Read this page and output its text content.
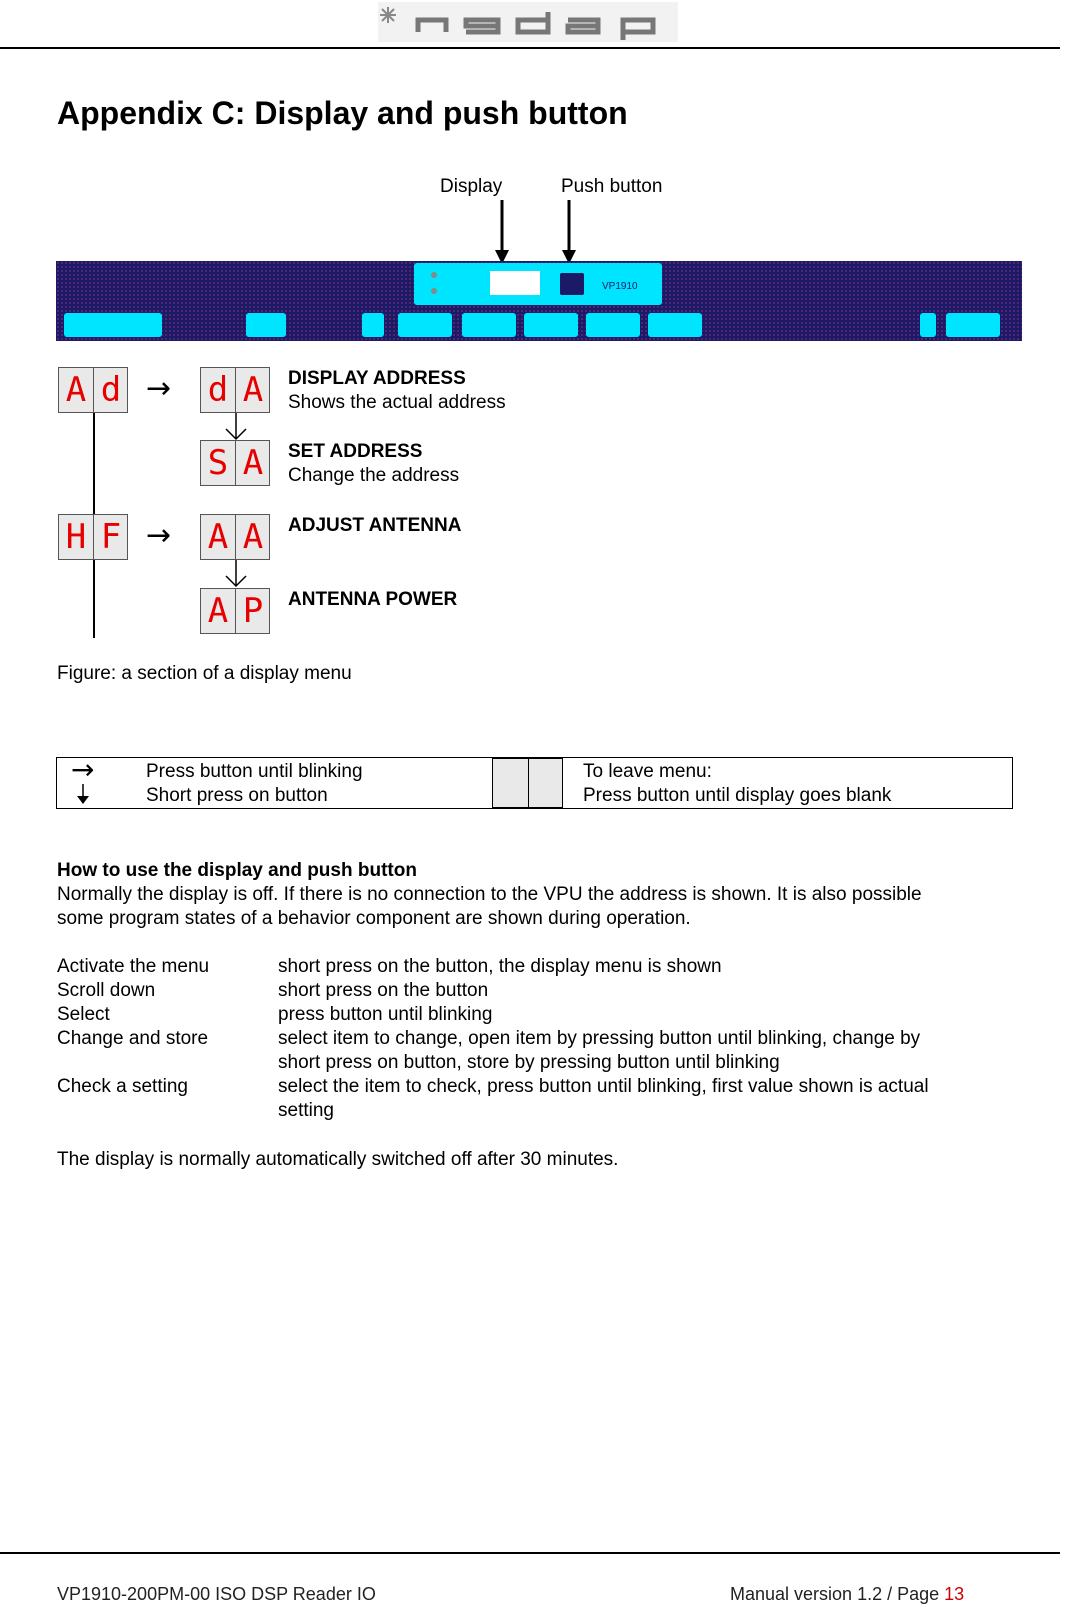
Appendix C: Display and push button
Display	Push button
VP1910
A d → d A
S A
H F → A A
A P
DISPLAY ADDRESS
Shows the actual address
SET ADDRESS
Change the address
ADJUST ANTENNA
ANTENNA POWER
Figure: a section of a display menu
→	Press button until blinking
Short press on button
To leave menu:
Press button until display goes blank
How to use the display and push button
Normally the display is off. If there is no connection to the VPU the address is shown. It is also possible
some program states of a behavior component are shown during operation.
Activate the menu	short press on the button, the display menu is shown
Scroll down	short press on the button
Select	press button until blinking
Change and store	select item to change, open item by pressing button until blinking, change by
short press on button, store by pressing button until blinking
Check a setting	select the item to check, press button until blinking, first value shown is actual
setting
The display is normally automatically switched off after 30 minutes.
VP1910-200PM-00 ISO DSP Reader IO	Manual version 1.2 / Page 13
